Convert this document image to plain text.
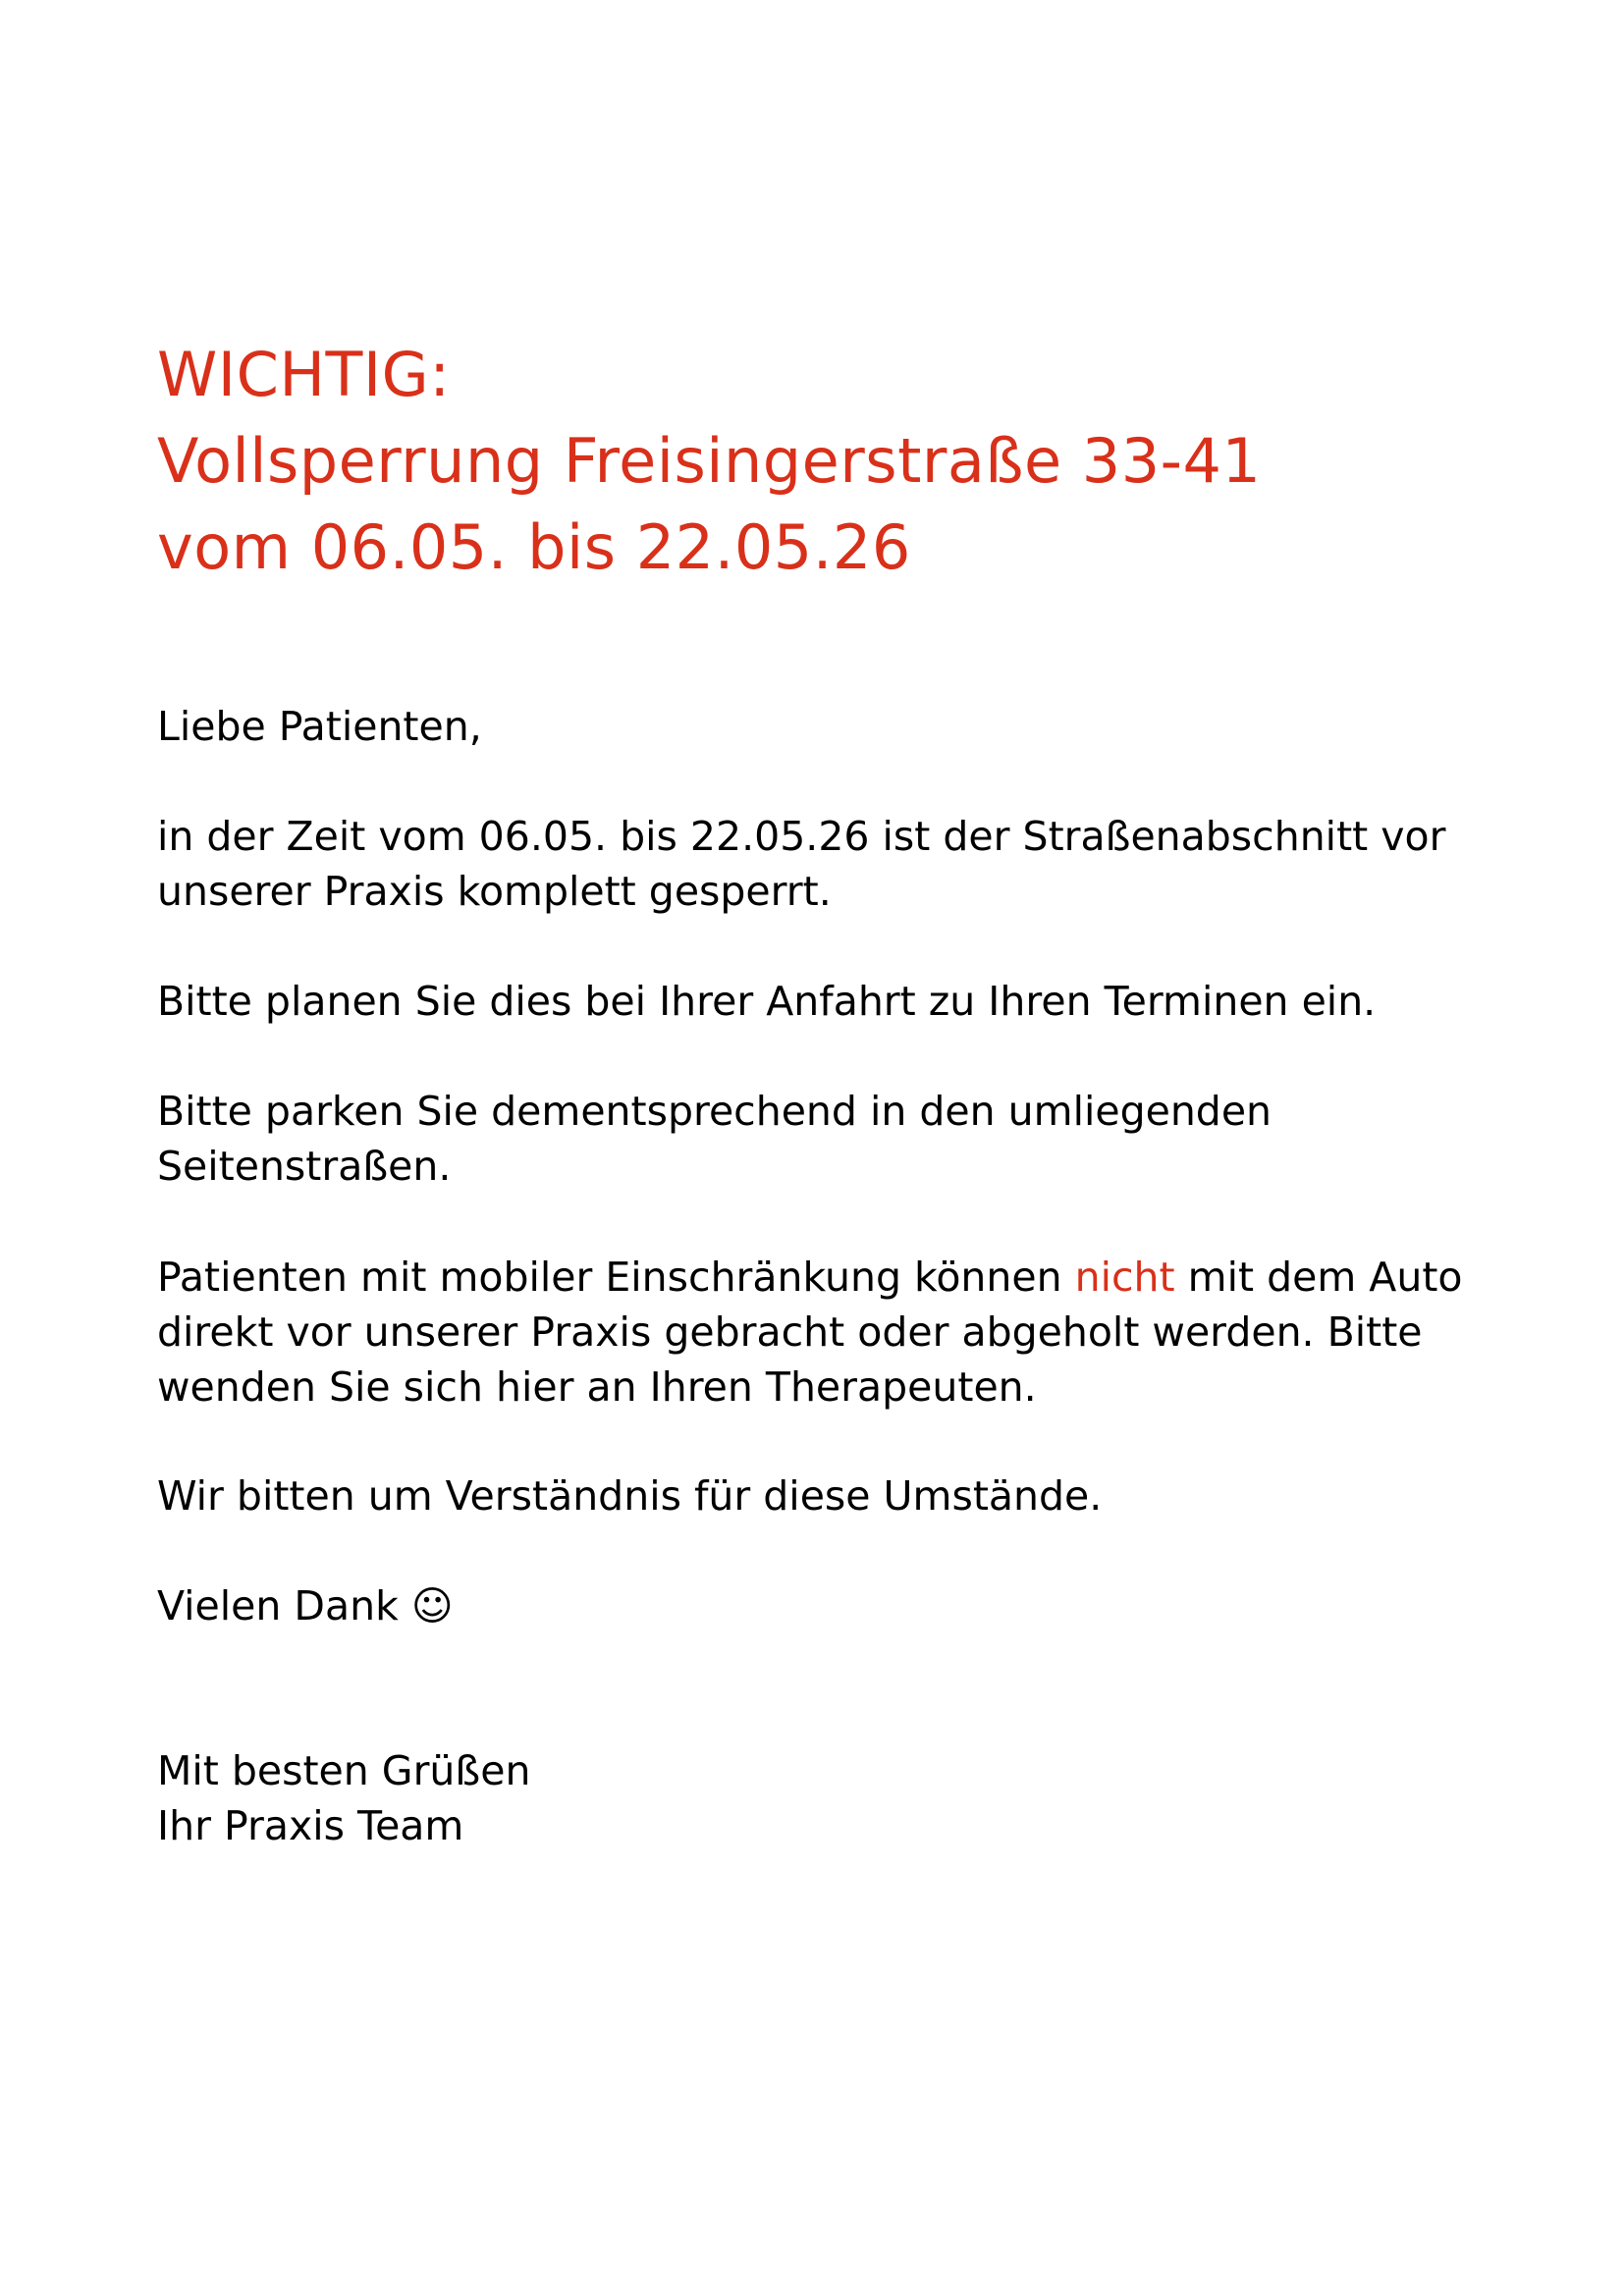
WICHTIG:
Vollsperrung Freisingerstraße 33-41
vom 06.05. bis 22.05.26
Liebe Patienten,
in der Zeit vom 06.05. bis 22.05.26 ist der Straßenabschnitt vor
unserer Praxis komplett gesperrt.
Bitte planen Sie dies bei Ihrer Anfahrt zu Ihren Terminen ein.
Bitte parken Sie dementsprechend in den umliegenden
Seitenstraßen.
Patienten mit mobiler Einschränkung können nicht mit dem Auto
direkt vor unserer Praxis gebracht oder abgeholt werden. Bitte
wenden Sie sich hier an Ihren Therapeuten.
Wir bitten um Verständnis für diese Umstände.
Vielen Dank ☺
Mit besten Grüßen
Ihr Praxis Team
